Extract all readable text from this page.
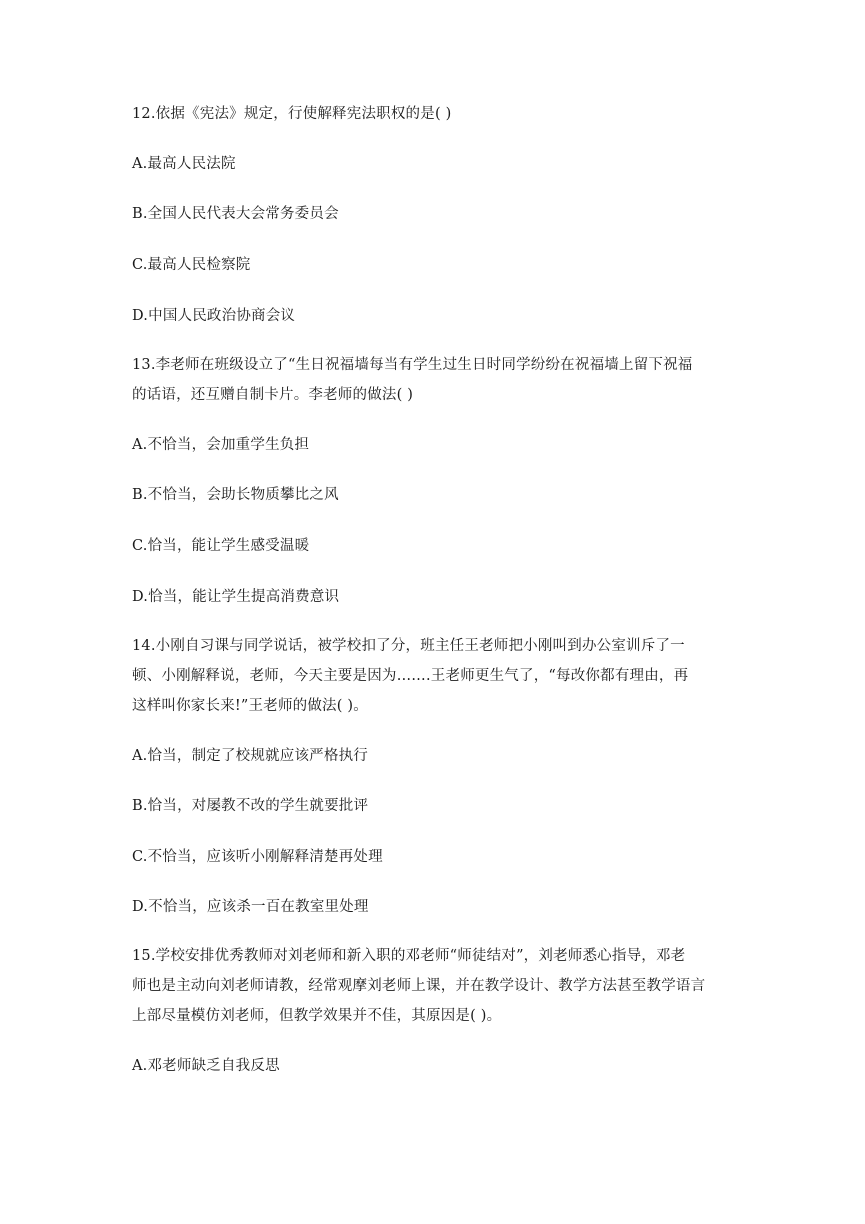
12.依据《宪法》规定，行使解释宪法职权的是( )
A.最高人民法院
B.全国人民代表大会常务委员会
C.最高人民检察院
D.中国人民政治协商会议
13.李老师在班级设立了“生日祝福墙每当有学生过生日时同学纷纷在祝福墙上留下祝福
的话语，还互赠自制卡片。李老师的做法( )
A.不恰当，会加重学生负担
B.不恰当，会助长物质攀比之风
C.恰当，能让学生感受温暖
D.恰当，能让学生提高消费意识
14.小刚自习课与同学说话，被学校扣了分，班主任王老师把小刚叫到办公室训斥了一
顿、小刚解释说，老师，今天主要是因为…….王老师更生气了，“每改你都有理由，再
这样叫你家长来!”王老师的做法( )。
A.恰当，制定了校规就应该严格执行
B.恰当，对屡教不改的学生就要批评
C.不恰当，应该听小刚解释清楚再处理
D.不恰当，应该杀一百在教室里处理
15.学校安排优秀教师对刘老师和新入职的邓老师“师徒结对”，刘老师悉心指导，邓老
师也是主动向刘老师请教，经常观摩刘老师上课，并在教学设计、教学方法甚至教学语言
上部尽量模仿刘老师，但教学效果并不佳，其原因是( )。
A.邓老师缺乏自我反思
